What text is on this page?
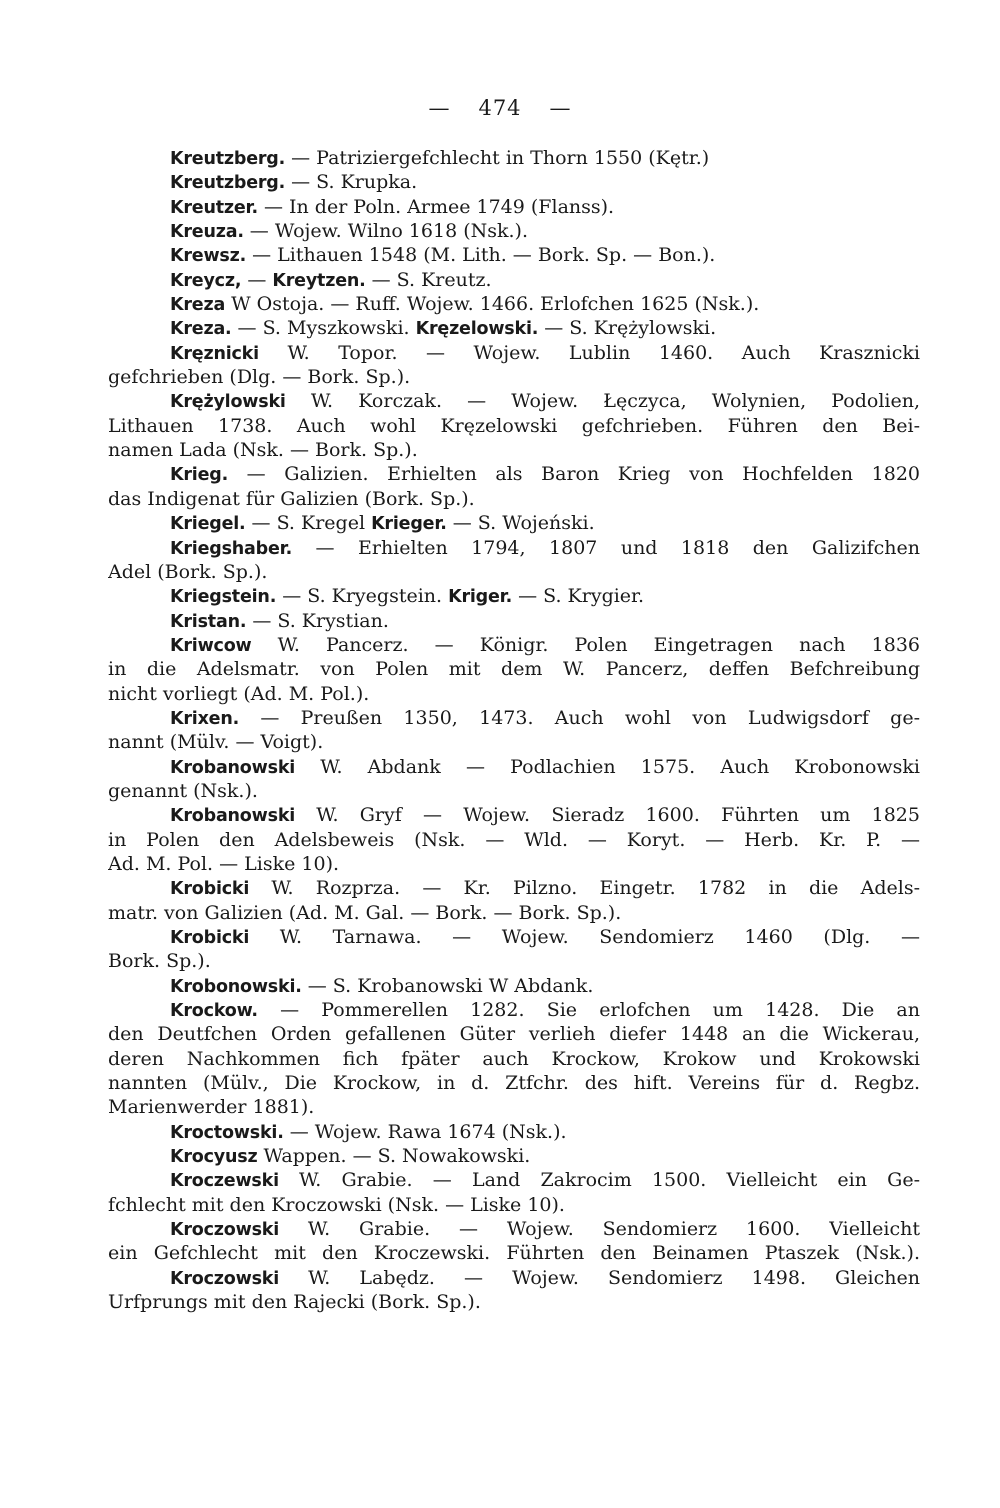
— 474 —
Kreutzberg. — Patriziergefchlecht in Thorn 1550 (Kętr.)
Kreutzberg. — S. Krupka.
Kreutzer. — In der Poln. Armee 1749 (Flanss).
Kreuza. — Wojew. Wilno 1618 (Nsk.).
Krewsz. — Lithauen 1548 (M. Lith. — Bork. Sp. — Bon.).
Kreycz, — Kreytzen. — S. Kreutz.
Kreza W Ostoja. — Ruff. Wojew. 1466. Erlofchen 1625 (Nsk.).
Kreza. — S. Myszkowski. Kręzelowski. — S. Krężylowski.
Kręznicki W. Topor. — Wojew. Lublin 1460. Auch Krasznicki
gefchrieben (Dlg. — Bork. Sp.).
Krężylowski W. Korczak. — Wojew. Łęczyca, Wolynien, Podolien,
Lithauen 1738. Auch wohl Kręzelowski gefchrieben. Führen den Bei-
namen Lada (Nsk. — Bork. Sp.).
Krieg. — Galizien. Erhielten als Baron Krieg von Hochfelden 1820
das Indigenat für Galizien (Bork. Sp.).
Kriegel. — S. Kregel Krieger. — S. Wojeński.
Kriegshaber. — Erhielten 1794, 1807 und 1818 den Galizifchen
Adel (Bork. Sp.).
Kriegstein. — S. Kryegstein. Kriger. — S. Krygier.
Kristan. — S. Krystian.
Kriwcow W. Pancerz. — Königr. Polen Eingetragen nach 1836
in die Adelsmatr. von Polen mit dem W. Pancerz, deffen Befchreibung
nicht vorliegt (Ad. M. Pol.).
Krixen. — Preußen 1350, 1473. Auch wohl von Ludwigsdorf ge-
nannt (Mülv. — Voigt).
Krobanowski W. Abdank — Podlachien 1575. Auch Krobonowski
genannt (Nsk.).
Krobanowski W. Gryf — Wojew. Sieradz 1600. Führten um 1825
in Polen den Adelsbeweis (Nsk. — Wld. — Koryt. — Herb. Kr. P. —
Ad. M. Pol. — Liske 10).
Krobicki W. Rozprza. — Kr. Pilzno. Eingetr. 1782 in die Adels-
matr. von Galizien (Ad. M. Gal. — Bork. — Bork. Sp.).
Krobicki W. Tarnawa. — Wojew. Sendomierz 1460 (Dlg. —
Bork. Sp.).
Krobonowski. — S. Krobanowski W Abdank.
Krockow. — Pommerellen 1282. Sie erlofchen um 1428. Die an
den Deutfchen Orden gefallenen Güter verlieh diefer 1448 an die Wickerau,
deren Nachkommen fich fpäter auch Krockow, Krokow und Krokowski
nannten (Mülv., Die Krockow, in d. Ztfchr. des hift. Vereins für d. Regbz.
Marienwerder 1881).
Kroctowski. — Wojew. Rawa 1674 (Nsk.).
Krocyusz Wappen. — S. Nowakowski.
Kroczewski W. Grabie. — Land Zakrocim 1500. Vielleicht ein Ge-
fchlecht mit den Kroczowski (Nsk. — Liske 10).
Kroczowski W. Grabie. — Wojew. Sendomierz 1600. Vielleicht
ein Gefchlecht mit den Kroczewski. Führten den Beinamen Ptaszek (Nsk.).
Kroczowski W. Labędz. — Wojew. Sendomierz 1498. Gleichen
Urfprungs mit den Rajecki (Bork. Sp.).
